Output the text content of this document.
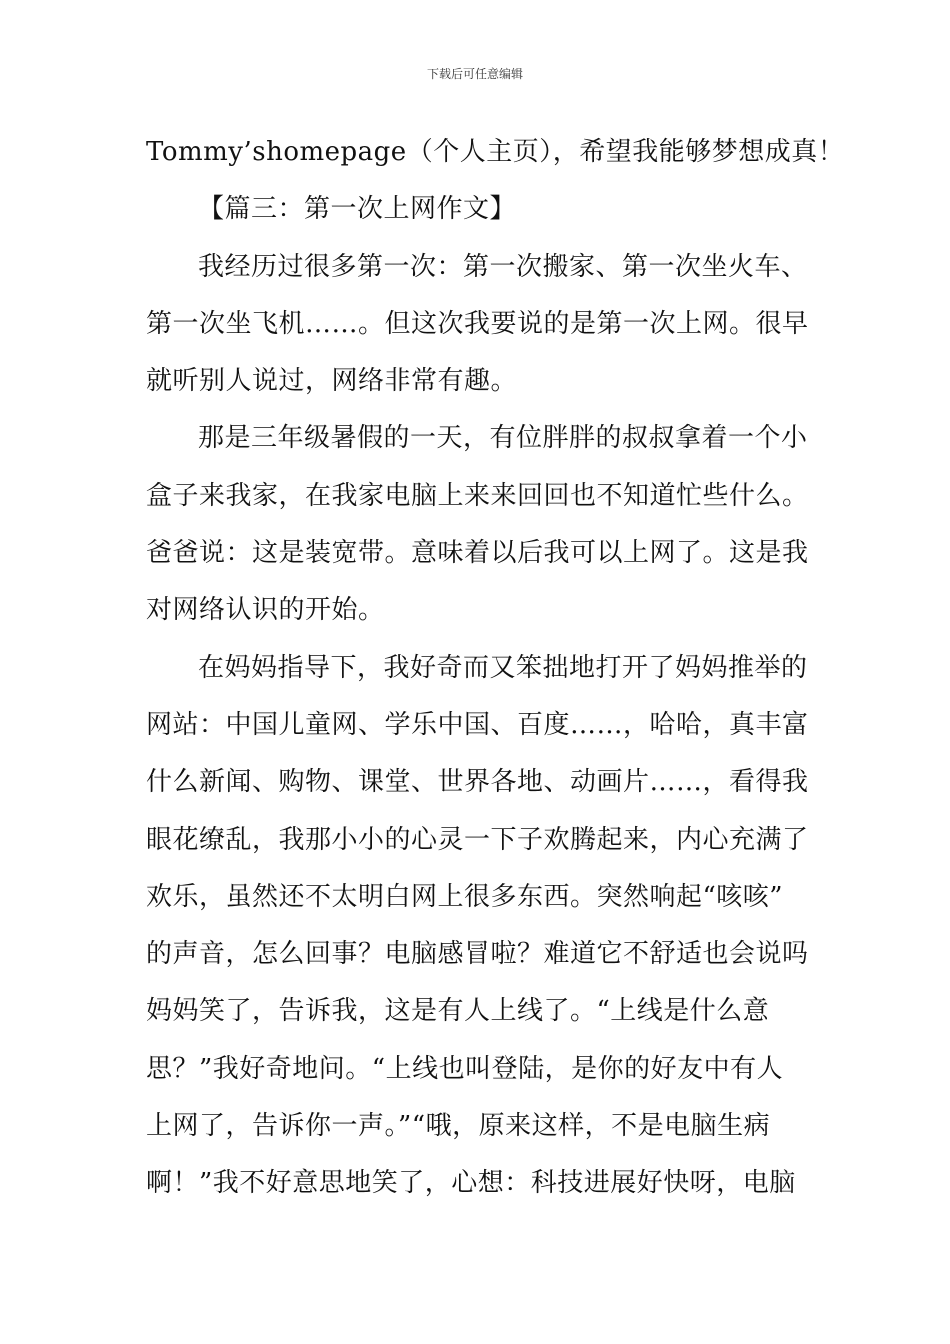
下载后可任意编辑
Tommy’shomepage（个人主页），希望我能够梦想成真！
【篇三：第一次上网作文】
我经历过很多第一次：第一次搬家、第一次坐火车、
第一次坐飞机……。但这次我要说的是第一次上网。很早
就听别人说过，网络非常有趣。
那是三年级暑假的一天，有位胖胖的叔叔拿着一个小
盒子来我家，在我家电脑上来来回回也不知道忙些什么。
爸爸说：这是装宽带。意味着以后我可以上网了。这是我
对网络认识的开始。
在妈妈指导下，我好奇而又笨拙地打开了妈妈推举的
网站：中国儿童网、学乐中国、百度……，哈哈，真丰富
什么新闻、购物、课堂、世界各地、动画片……，看得我
眼花缭乱，我那小小的心灵一下子欢腾起来，内心充满了
欢乐，虽然还不太明白网上很多东西。突然响起“咳咳”
的声音，怎么回事？电脑感冒啦？难道它不舒适也会说吗
妈妈笑了，告诉我，这是有人上线了。“上线是什么意
思？”我好奇地问。“上线也叫登陆，是你的好友中有人
上网了，告诉你一声。”“哦，原来这样，不是电脑生病
啊！”我不好意思地笑了，心想：科技进展好快呀，电脑
